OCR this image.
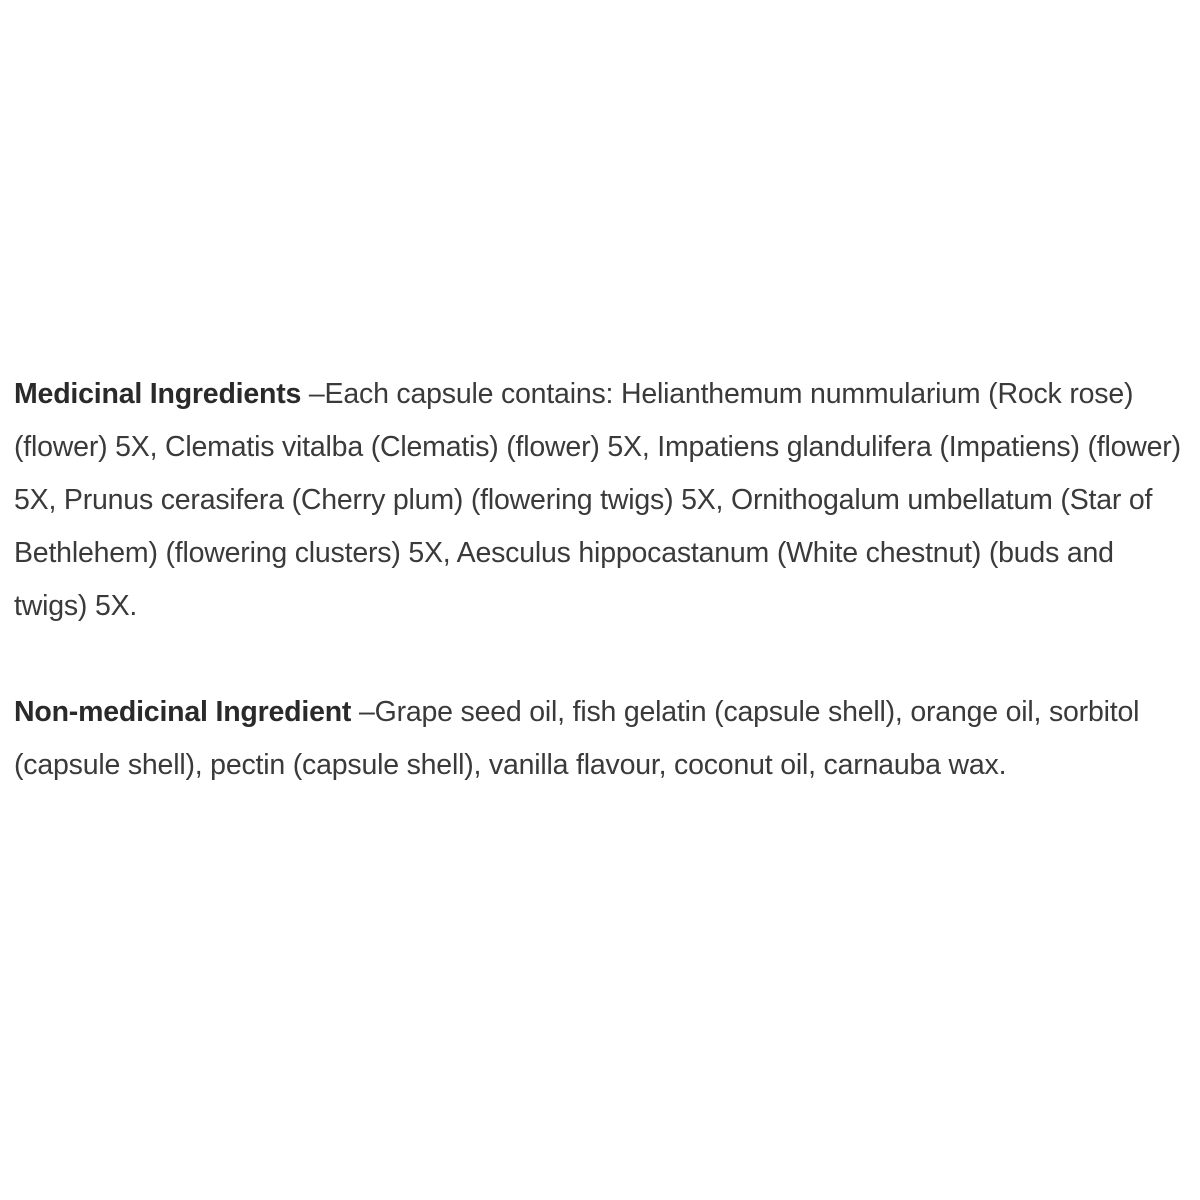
Medicinal Ingredients –Each capsule contains: Helianthemum nummularium (Rock rose) (flower) 5X, Clematis vitalba (Clematis) (flower) 5X, Impatiens glandulifera (Impatiens) (flower) 5X, Prunus cerasifera (Cherry plum) (flowering twigs) 5X, Ornithogalum umbellatum (Star of Bethlehem) (flowering clusters) 5X, Aesculus hippocastanum (White chestnut) (buds and twigs) 5X.

Non-medicinal Ingredient –Grape seed oil, fish gelatin (capsule shell), orange oil, sorbitol (capsule shell), pectin (capsule shell), vanilla flavour, coconut oil, carnauba wax.
